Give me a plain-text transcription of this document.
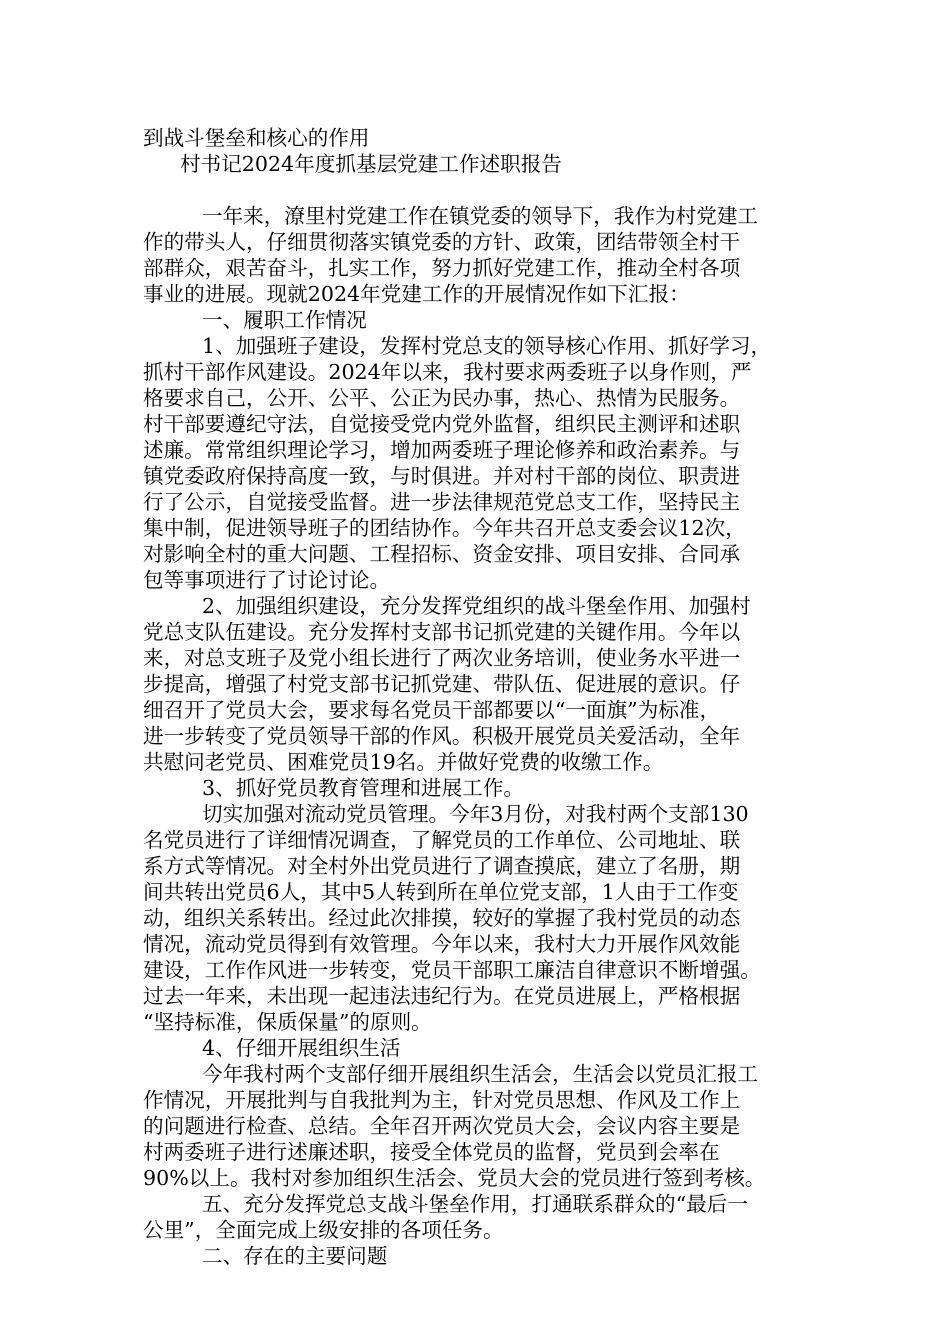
到战斗堡垒和核心的作用
村书记2024年度抓基层党建工作述职报告
一年来，潦里村党建工作在镇党委的领导下，我作为村党建工
作的带头人，仔细贯彻落实镇党委的方针、政策，团结带领全村干
部群众，艰苦奋斗，扎实工作，努力抓好党建工作，推动全村各项
事业的进展。现就2024年党建工作的开展情况作如下汇报：
一、履职工作情况
1、加强班子建设，发挥村党总支的领导核心作用、抓好学习，
抓村干部作风建设。2024年以来，我村要求两委班子以身作则，严
格要求自己，公开、公平、公正为民办事，热心、热情为民服务。
村干部要遵纪守法，自觉接受党内党外监督，组织民主测评和述职
述廉。常常组织理论学习，增加两委班子理论修养和政治素养。与
镇党委政府保持高度一致，与时俱进。并对村干部的岗位、职责进
行了公示，自觉接受监督。进一步法律规范党总支工作，坚持民主
集中制，促进领导班子的团结协作。今年共召开总支委会议12次，
对影响全村的重大问题、工程招标、资金安排、项目安排、合同承
包等事项进行了讨论讨论。
2、加强组织建设，充分发挥党组织的战斗堡垒作用、加强村
党总支队伍建设。充分发挥村支部书记抓党建的关键作用。今年以
来，对总支班子及党小组长进行了两次业务培训，使业务水平进一
步提高，增强了村党支部书记抓党建、带队伍、促进展的意识。仔
细召开了党员大会，要求每名党员干部都要以“一面旗”为标准，
进一步转变了党员领导干部的作风。积极开展党员关爱活动，全年
共慰问老党员、困难党员19名。并做好党费的收缴工作。
3、抓好党员教育管理和进展工作。
切实加强对流动党员管理。今年3月份，对我村两个支部130
名党员进行了详细情况调查，了解党员的工作单位、公司地址、联
系方式等情况。对全村外出党员进行了调查摸底，建立了名册，期
间共转出党员6人，其中5人转到所在单位党支部，1人由于工作变
动，组织关系转出。经过此次排摸，较好的掌握了我村党员的动态
情况，流动党员得到有效管理。今年以来，我村大力开展作风效能
建设，工作作风进一步转变，党员干部职工廉洁自律意识不断增强。
过去一年来，未出现一起违法违纪行为。在党员进展上，严格根据
“坚持标准，保质保量”的原则。
4、仔细开展组织生活
今年我村两个支部仔细开展组织生活会，生活会以党员汇报工
作情况，开展批判与自我批判为主，针对党员思想、作风及工作上
的问题进行检查、总结。全年召开两次党员大会，会议内容主要是
村两委班子进行述廉述职，接受全体党员的监督，党员到会率在
90%以上。我村对参加组织生活会、党员大会的党员进行签到考核。
五、充分发挥党总支战斗堡垒作用，打通联系群众的“最后一
公里”，全面完成上级安排的各项任务。
二、存在的主要问题
